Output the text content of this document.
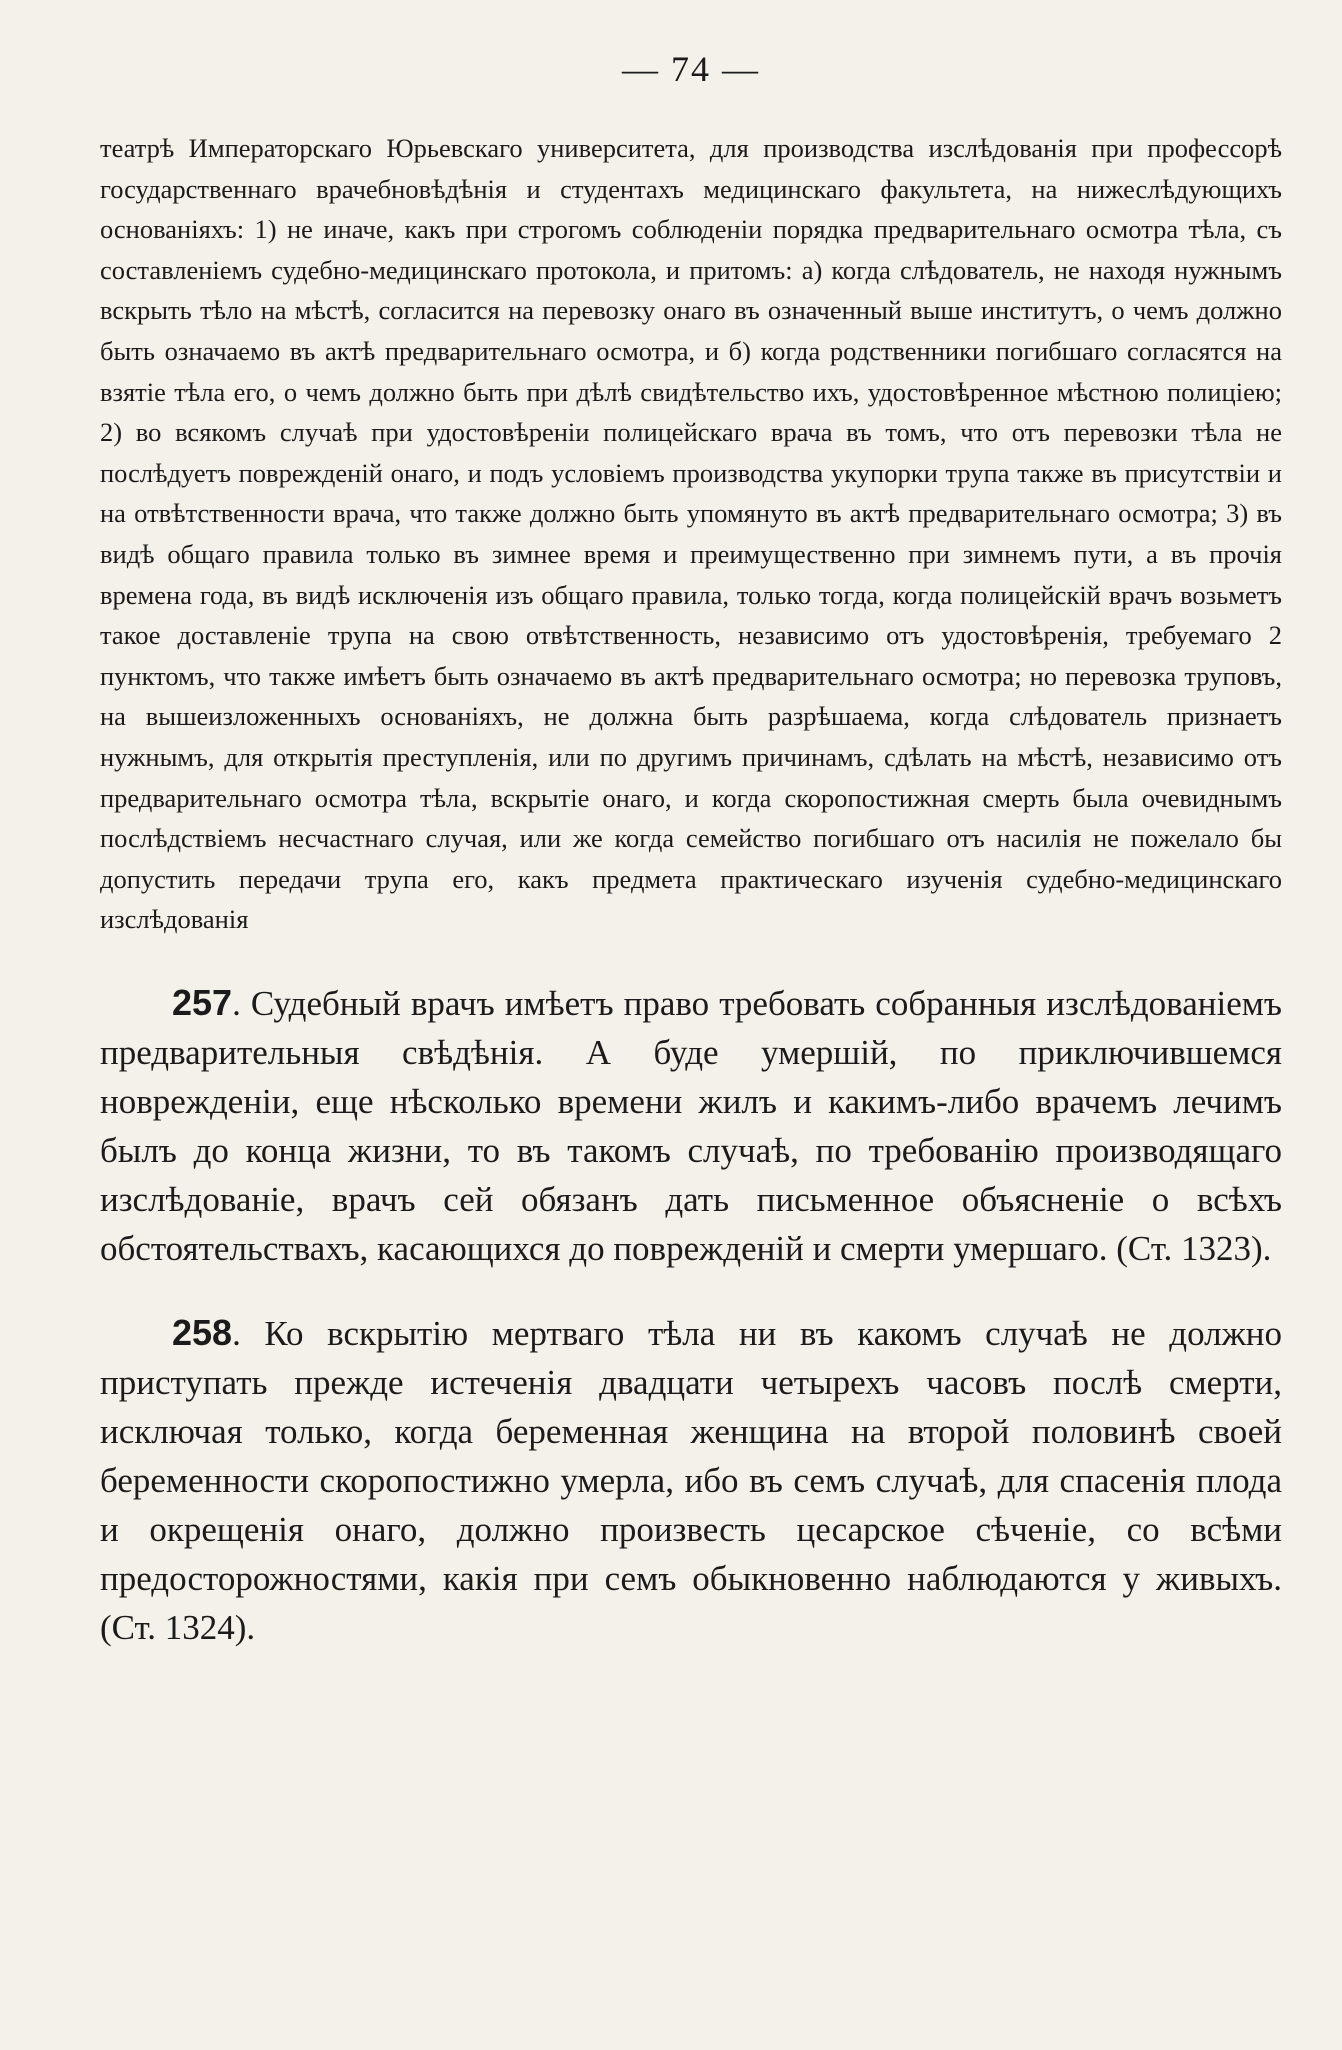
— 74 —

театрѣ Императорскаго Юрьевскаго университета, для производства изслѣдованія при профессорѣ государственнаго врачебновѣдѣнія и студентахъ медицинскаго факультета, на нижеслѣдующихъ основаніяхъ: 1) не иначе, какъ при строгомъ соблюденіи порядка предварительнаго осмотра тѣла, съ составленіемъ судебно-медицинскаго протокола, и притомъ: а) когда слѣдователь, не находя нужнымъ вскрыть тѣло на мѣстѣ, согласится на перевозку онаго въ означенный выше институтъ, о чемъ должно быть означаемо въ актѣ предварительнаго осмотра, и б) когда родственники погибшаго согласятся на взятіе тѣла его, о чемъ должно быть при дѣлѣ свидѣтельство ихъ, удостовѣренное мѣстною полиціею; 2) во всякомъ случаѣ при удостовѣреніи полицейскаго врача въ томъ, что отъ перевозки тѣла не послѣдуетъ поврежденій онаго, и подъ условіемъ производства укупорки трупа также въ присутствіи и на отвѣтственности врача, что также должно быть упомянуто въ актѣ предварительнаго осмотра; 3) въ видѣ общаго правила только въ зимнее время и преимущественно при зимнемъ пути, а въ прочія времена года, въ видѣ исключенія изъ общаго правила, только тогда, когда полицейскій врачъ возьметъ такое доставленіе трупа на свою отвѣтственность, независимо отъ удостовѣренія, требуемаго 2 пунктомъ, что также имѣетъ быть означаемо въ актѣ предварительнаго осмотра; но перевозка труповъ, на вышеизложенныхъ основаніяхъ, не должна быть разрѣшаема, когда слѣдователь признаетъ нужнымъ, для открытія преступленія, или по другимъ причинамъ, сдѣлать на мѣстѣ, независимо отъ предварительнаго осмотра тѣла, вскрытіе онаго, и когда скоропостижная смерть была очевиднымъ послѣдствіемъ несчастнаго случая, или же когда семейство погибшаго отъ насилія не пожелало бы допустить передачи трупа его, какъ предмета практическаго изученія судебно-медицинскаго изслѣдованія

257. Судебный врачъ имѣетъ право требовать собранныя изслѣдованіемъ предварительныя свѣдѣнія. А буде умершій, по приключившемся новрежденіи, еще нѣсколько времени жилъ и какимъ-либо врачемъ лечимъ былъ до конца жизни, то въ такомъ случаѣ, по требованію производящаго изслѣдованіе, врачъ сей обязанъ дать письменное объясненіе о всѣхъ обстоятельствахъ, касающихся до поврежденій и смерти умершаго. (Ст. 1323).

258. Ко вскрытію мертваго тѣла ни въ какомъ случаѣ не должно приступать прежде истеченія двадцати четырехъ часовъ послѣ смерти, исключая только, когда беременная женщина на второй половинѣ своей беременности скоропостижно умерла, ибо въ семъ случаѣ, для спасенія плода и окрещенія онаго, должно произвесть цесарское сѣченіе, со всѣми предосторожностями, какія при семъ обыкновенно наблюдаются у живыхъ. (Ст. 1324).
